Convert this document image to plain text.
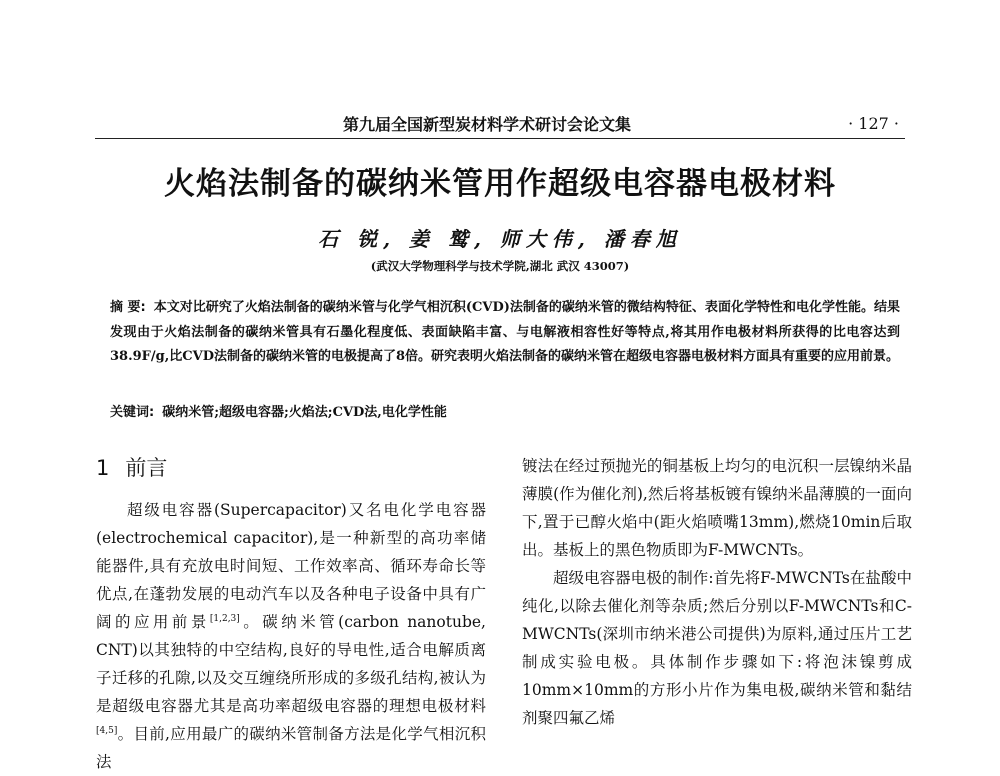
第九届全国新型炭材料学术研讨会论文集	· 127 ·
火焰法制备的碳纳米管用作超级电容器电极材料
石 锐, 姜 鹫, 师大伟, 潘春旭
(武汉大学物理科学与技术学院,湖北 武汉 43007)
摘 要: 本文对比研究了火焰法制备的碳纳米管与化学气相沉积(CVD)法制备的碳纳米管的微结构特征、表面化学特性和电化学性能。结果发现由于火焰法制备的碳纳米管具有石墨化程度低、表面缺陷丰富、与电解液相容性好等特点,将其用作电极材料所获得的比电容达到38.9F/g,比CVD法制备的碳纳米管的电极提高了8倍。研究表明火焰法制备的碳纳米管在超级电容器电极材料方面具有重要的应用前景。
关键词: 碳纳米管;超级电容器;火焰法;CVD法,电化学性能
1 前言

超级电容器(Supercapacitor)又名电化学电容器(electrochemical capacitor),是一种新型的高功率储能器件,具有充放电时间短、工作效率高、循环寿命长等优点,在蓬勃发展的电动汽车以及各种电子设备中具有广阔的应用前景[1,2,3]。碳纳米管(carbon nanotube, CNT)以其独特的中空结构,良好的导电性,适合电解质离子迁移的孔隙,以及交互缠绕所形成的多级孔结构,被认为是超级电容器尤其是高功率超级电容器的理想电极材料[4,5]。目前,应用最广的碳纳米管制备方法是化学气相沉积法

镀法在经过预抛光的铜基板上均匀的电沉积一层镍纳米晶薄膜(作为催化剂),然后将基板镀有镍纳米晶薄膜的一面向下,置于已醇火焰中(距火焰喷嘴13mm),燃烧10min后取出。基板上的黑色物质即为F-MWCNTs。

超级电容器电极的制作:首先将F-MWCNTs在盐酸中纯化,以除去催化剂等杂质;然后分别以F-MWCNTs和C-MWCNTs(深圳市纳米港公司提供)为原料,通过压片工艺制成实验电极。具体制作步骤如下:将泡沫镍剪成10mm×10mm的方形小片作为集电极,碳纳米管和黏结剂聚四氟乙烯
